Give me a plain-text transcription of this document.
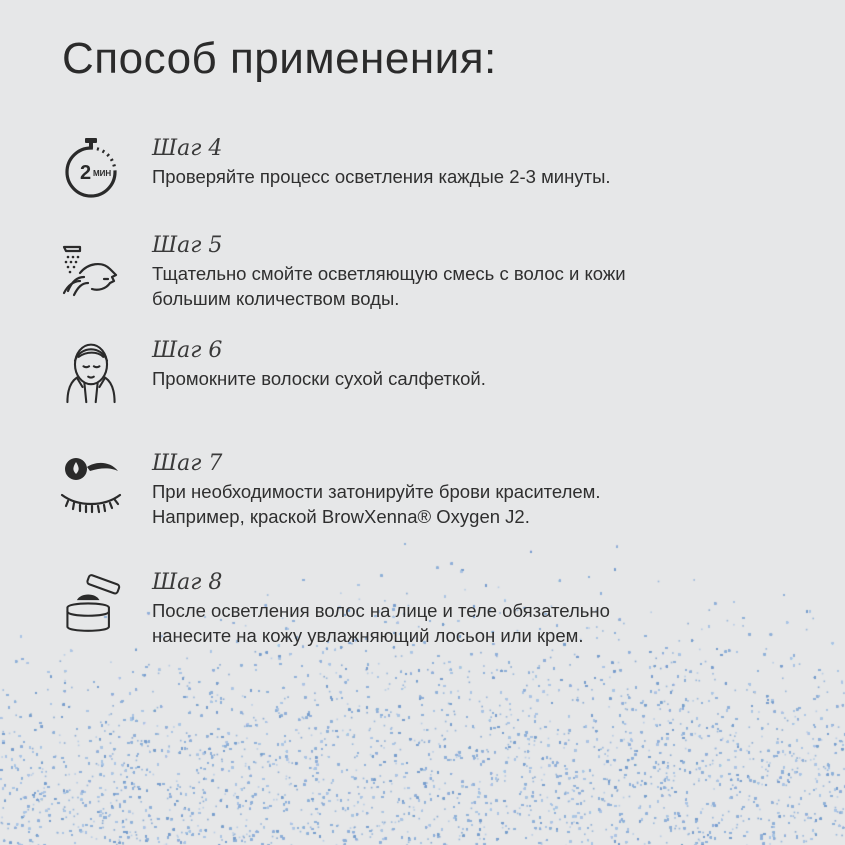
Способ применения:
2 МИН
Шаг 4
Проверяйте процесс осветления каждые 2-3 минуты.
Шаг 5
Тщательно смойте осветляющую смесь с волос и кожи
большим количеством воды.
Шаг 6
Промокните волоски сухой салфеткой.
Шаг 7
При необходимости затонируйте брови красителем.
Например, краской BrowXenna® Oxygen J2.
Шаг 8
После осветления волос на лице и теле обязательно
нанесите на кожу увлажняющий лосьон или крем.
